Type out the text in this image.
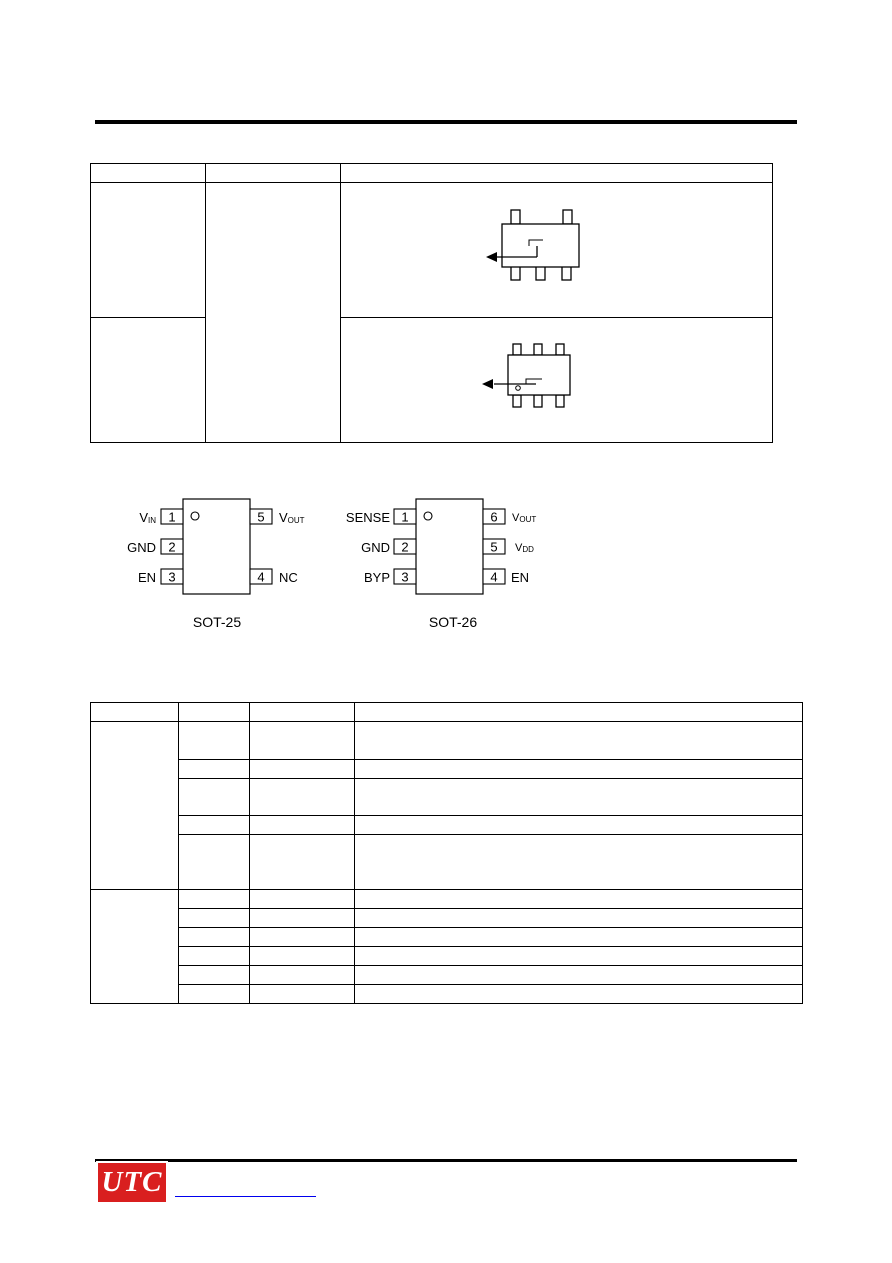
1
2
3
5
4
VIN
GND
EN
VOUT
NC
SOT-25
1
2
3
6
5
4
SENSE
GND
BYP
VOUT
VDD
EN
SOT-26

UTC
